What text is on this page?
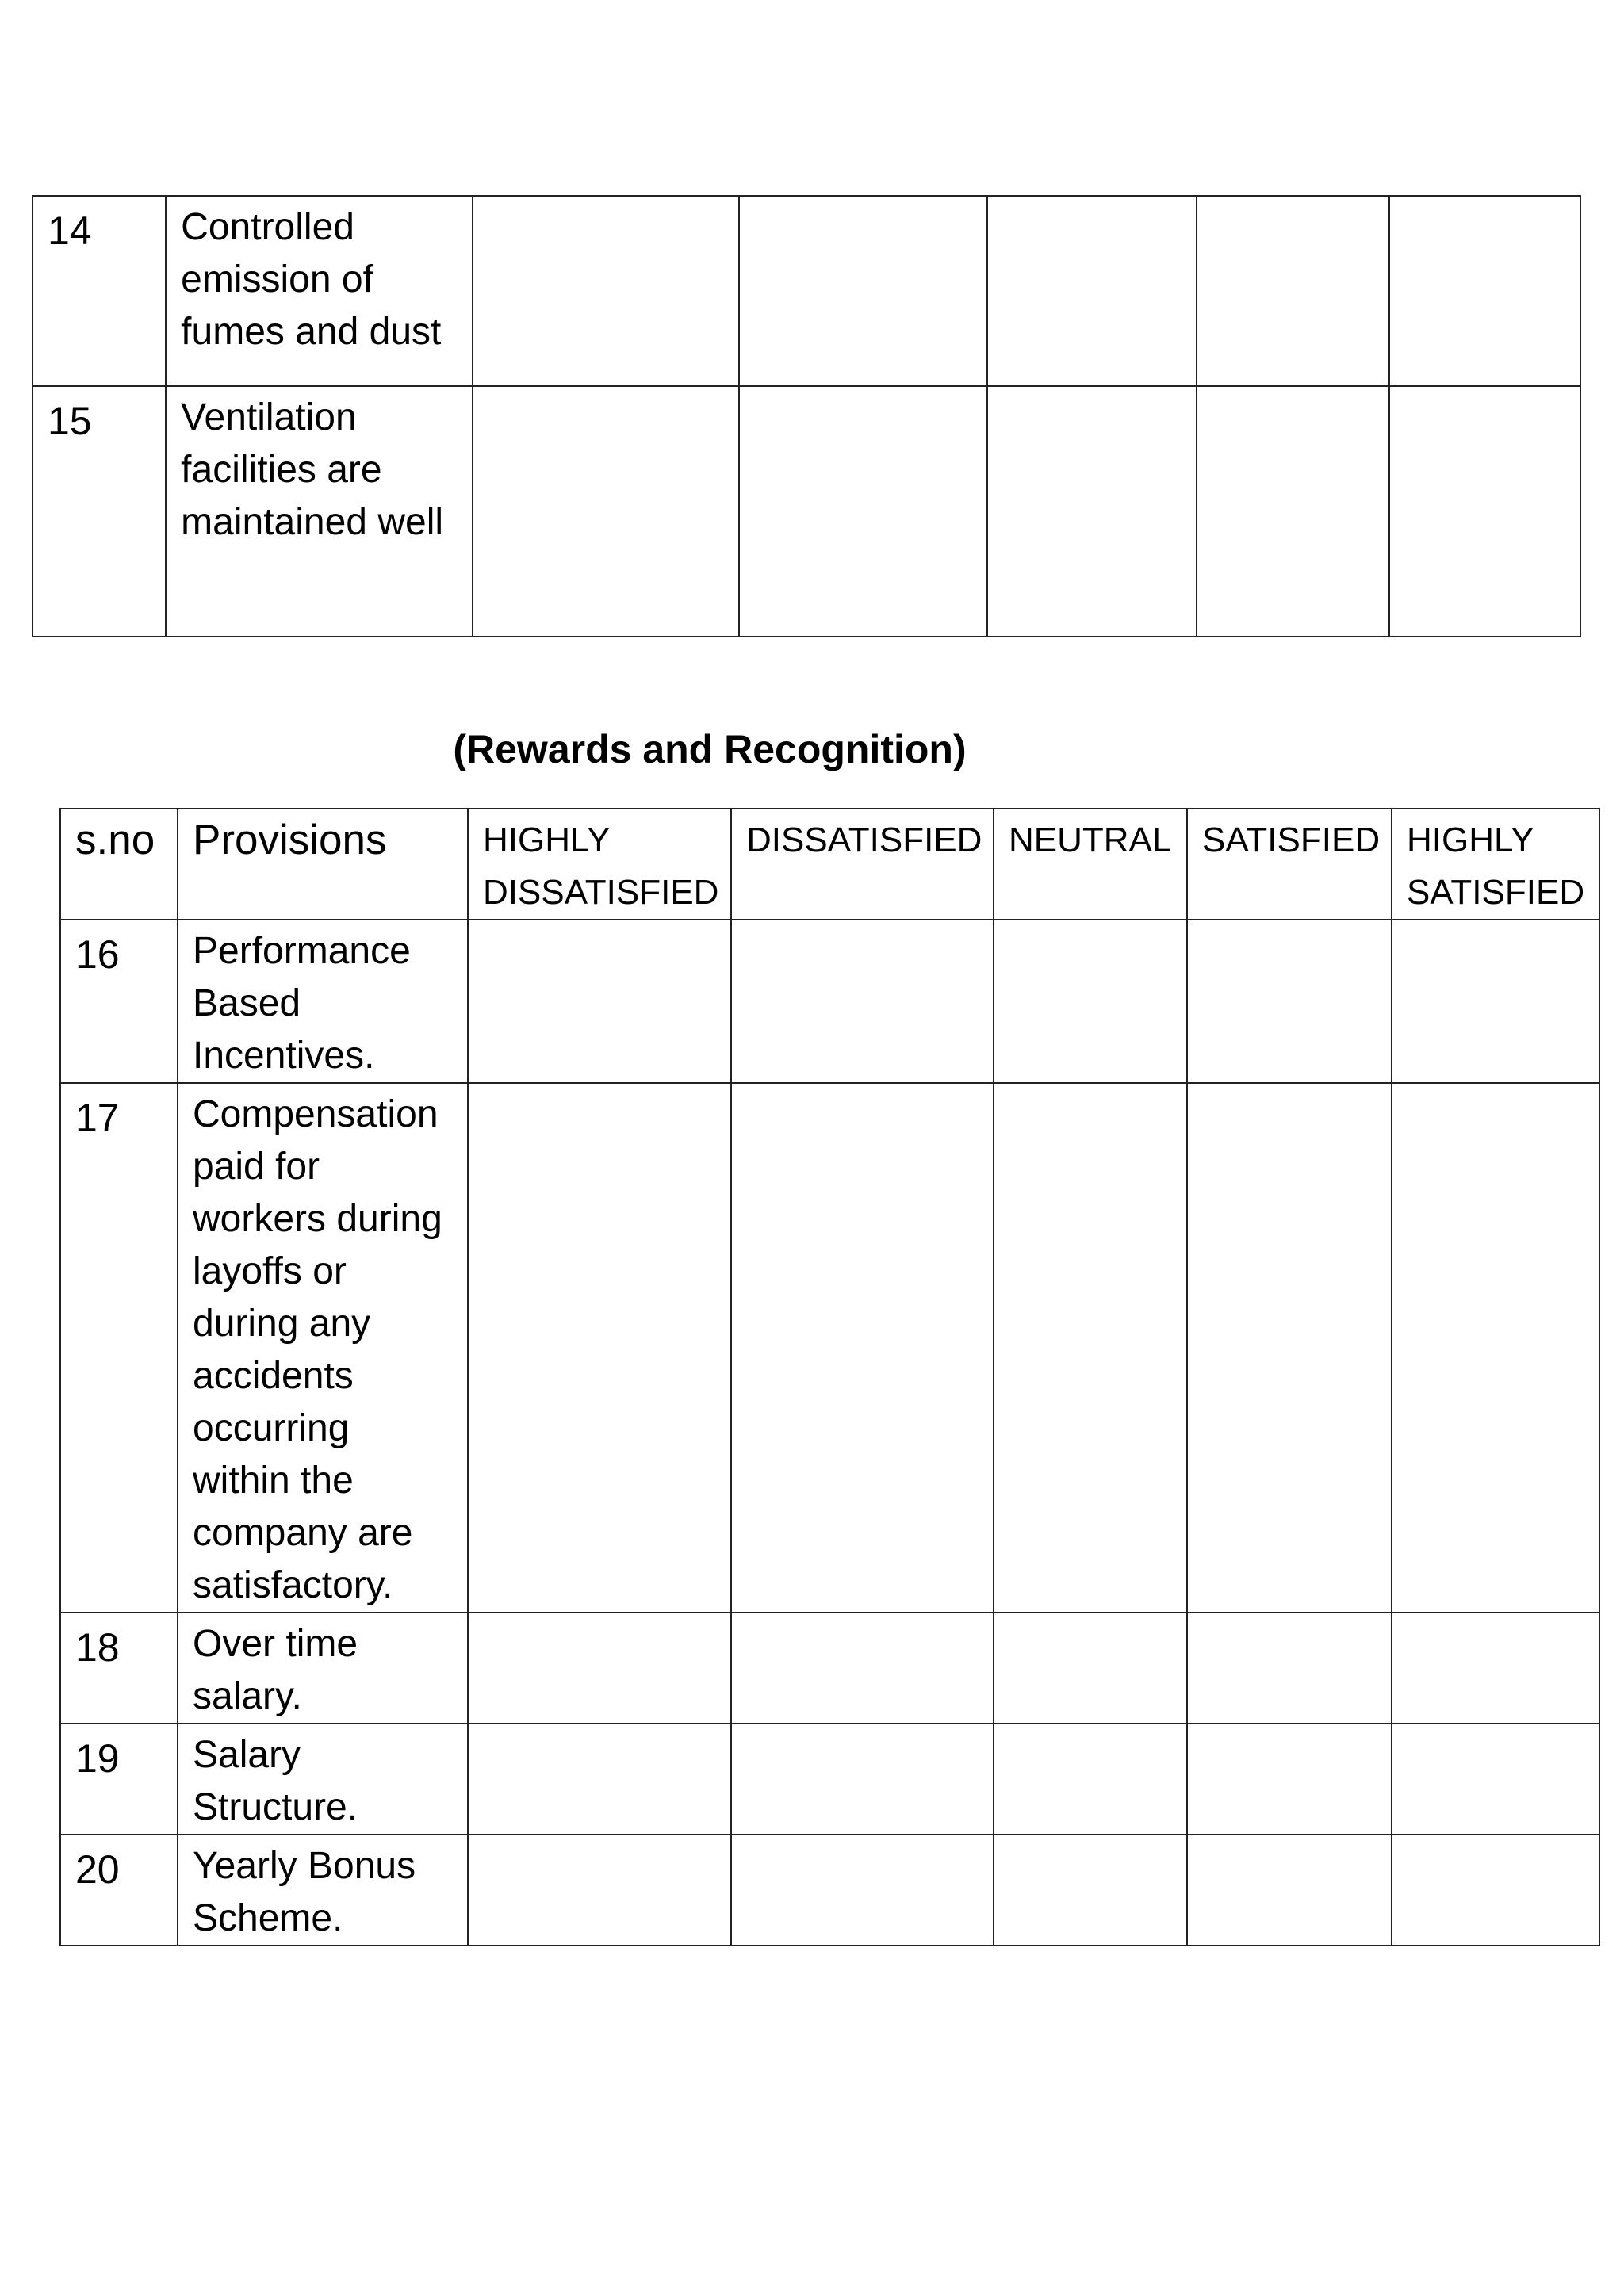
14	Controlled emission of fumes and dust					
15	Ventilation facilities are maintained well					
(Rewards and Recognition)
s.no	Provisions	HIGHLY DISSATISFIED	DISSATISFIED	NEUTRAL	SATISFIED	HIGHLY SATISFIED
16	Performance Based Incentives.					
17	Compensation paid for workers during layoffs or during any accidents occurring within the company are satisfactory.					
18	Over time salary.					
19	Salary Structure.					
20	Yearly Bonus Scheme.					
